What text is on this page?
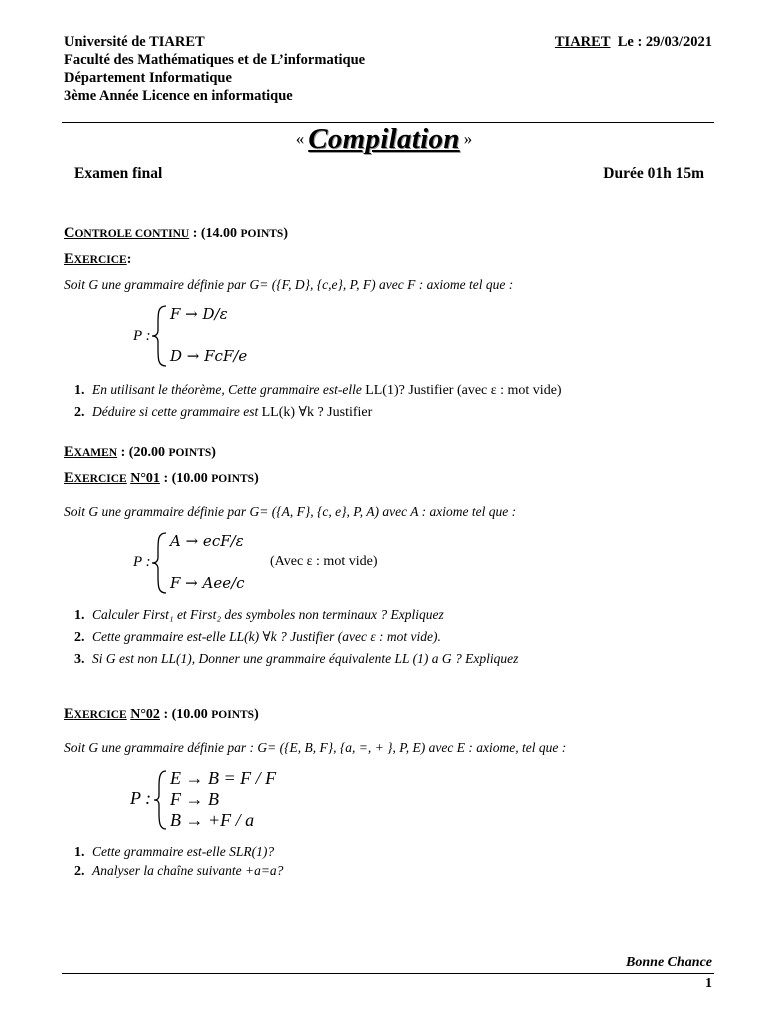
Université de TIARET
Faculté des Mathématiques et de L’informatique
Département Informatique
3ème Année Licence en informatique
TIARET Le : 29/03/2021
« Compilation »
Examen final	Durée 01h 15m
CONTROLE CONTINU : (14.00 POINTS)
EXERCICE:
Soit G une grammaire définie par G= ({F, D}, {c,e}, P, F) avec F : axiome tel que :
P :
F → D/ε
D → FcF/e
1. En utilisant le théorème, Cette grammaire est-elle LL(1)? Justifier (avec ε : mot vide)
2. Déduire si cette grammaire est LL(k) ∀k ? Justifier
EXAMEN : (20.00 POINTS)
EXERCICE N°01 : (10.00 POINTS)
Soit G une grammaire définie par G= ({A, F}, {c, e}, P, A) avec A : axiome tel que :
P :
A → ecF/ε
F → Aee/c
(Avec ε : mot vide)
1. Calculer First₁ et First₂ des symboles non terminaux ? Expliquez
2. Cette grammaire est-elle LL(k) ∀k ? Justifier (avec ε : mot vide).
3. Si G est non LL(1), Donner une grammaire équivalente LL (1) a G ? Expliquez
EXERCICE N°02 : (10.00 POINTS)
Soit G une grammaire définie par : G= ({E, B, F}, {a, =, + }, P, E) avec E : axiome, tel que :
P :
E → B = F / F
F → B
B → +F / a
1. Cette grammaire est-elle SLR(1)?
2. Analyser la chaîne suivante +a=a?
Bonne Chance
1
